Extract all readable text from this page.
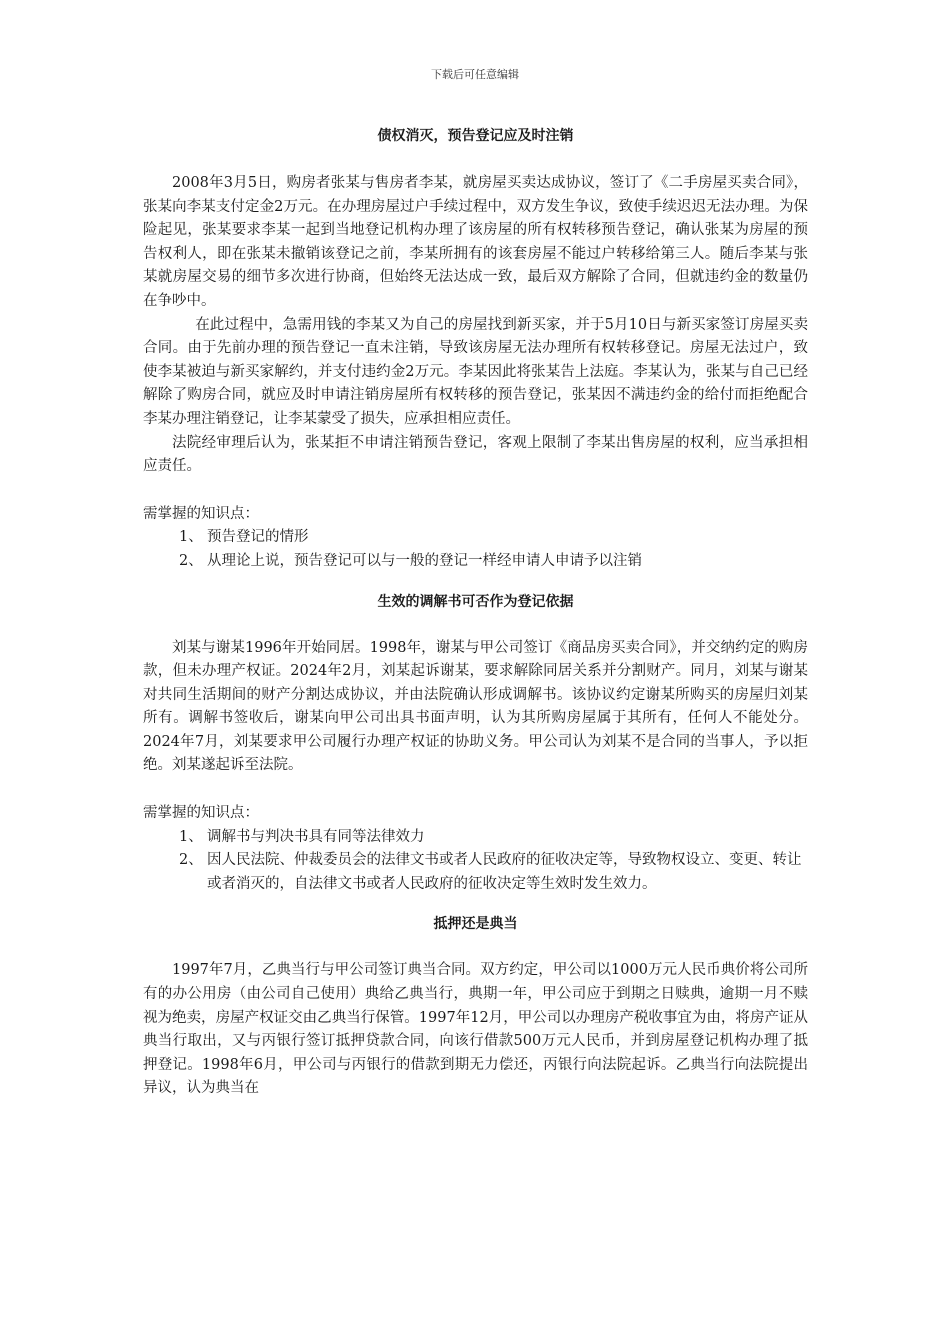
下载后可任意编辑
债权消灭，预告登记应及时注销

2008年3月5日，购房者张某与售房者李某，就房屋买卖达成协议，签订了《二手房屋买卖合同》，张某向李某支付定金2万元。在办理房屋过户手续过程中，双方发生争议，致使手续迟迟无法办理。为保险起见，张某要求李某一起到当地登记机构办理了该房屋的所有权转移预告登记，确认张某为房屋的预告权利人，即在张某未撤销该登记之前，李某所拥有的该套房屋不能过户转移给第三人。随后李某与张某就房屋交易的细节多次进行协商，但始终无法达成一致，最后双方解除了合同，但就违约金的数量仍在争吵中。

在此过程中，急需用钱的李某又为自己的房屋找到新买家，并于5月10日与新买家签订房屋买卖合同。由于先前办理的预告登记一直未注销，导致该房屋无法办理所有权转移登记。房屋无法过户，致使李某被迫与新买家解约，并支付违约金2万元。李某因此将张某告上法庭。李某认为，张某与自己已经解除了购房合同，就应及时申请注销房屋所有权转移的预告登记，张某因不满违约金的给付而拒绝配合李某办理注销登记，让李某蒙受了损失，应承担相应责任。

法院经审理后认为，张某拒不申请注销预告登记，客观上限制了李某出售房屋的权利，应当承担相应责任。

需掌握的知识点：
1、 预告登记的情形
2、 从理论上说，预告登记可以与一般的登记一样经申请人申请予以注销
生效的调解书可否作为登记依据

刘某与谢某1996年开始同居。1998年，谢某与甲公司签订《商品房买卖合同》，并交纳约定的购房款，但未办理产权证。2024年2月，刘某起诉谢某，要求解除同居关系并分割财产。同月，刘某与谢某对共同生活期间的财产分割达成协议，并由法院确认形成调解书。该协议约定谢某所购买的房屋归刘某所有。调解书签收后，谢某向甲公司出具书面声明，认为其所购房屋属于其所有，任何人不能处分。2024年7月，刘某要求甲公司履行办理产权证的协助义务。甲公司认为刘某不是合同的当事人，予以拒绝。刘某遂起诉至法院。

需掌握的知识点：
1、 调解书与判决书具有同等法律效力
2、 因人民法院、仲裁委员会的法律文书或者人民政府的征收决定等，导致物权设立、变更、转让或者消灭的，自法律文书或者人民政府的征收决定等生效时发生效力。
抵押还是典当

1997年7月，乙典当行与甲公司签订典当合同。双方约定，甲公司以1000万元人民币典价将公司所有的办公用房（由公司自己使用）典给乙典当行，典期一年，甲公司应于到期之日赎典，逾期一月不赎视为绝卖，房屋产权证交由乙典当行保管。1997年12月，甲公司以办理房产税收事宜为由，将房产证从典当行取出，又与丙银行签订抵押贷款合同，向该行借款500万元人民币，并到房屋登记机构办理了抵押登记。1998年6月，甲公司与丙银行的借款到期无力偿还，丙银行向法院起诉。乙典当行向法院提出异议，认为典当在
